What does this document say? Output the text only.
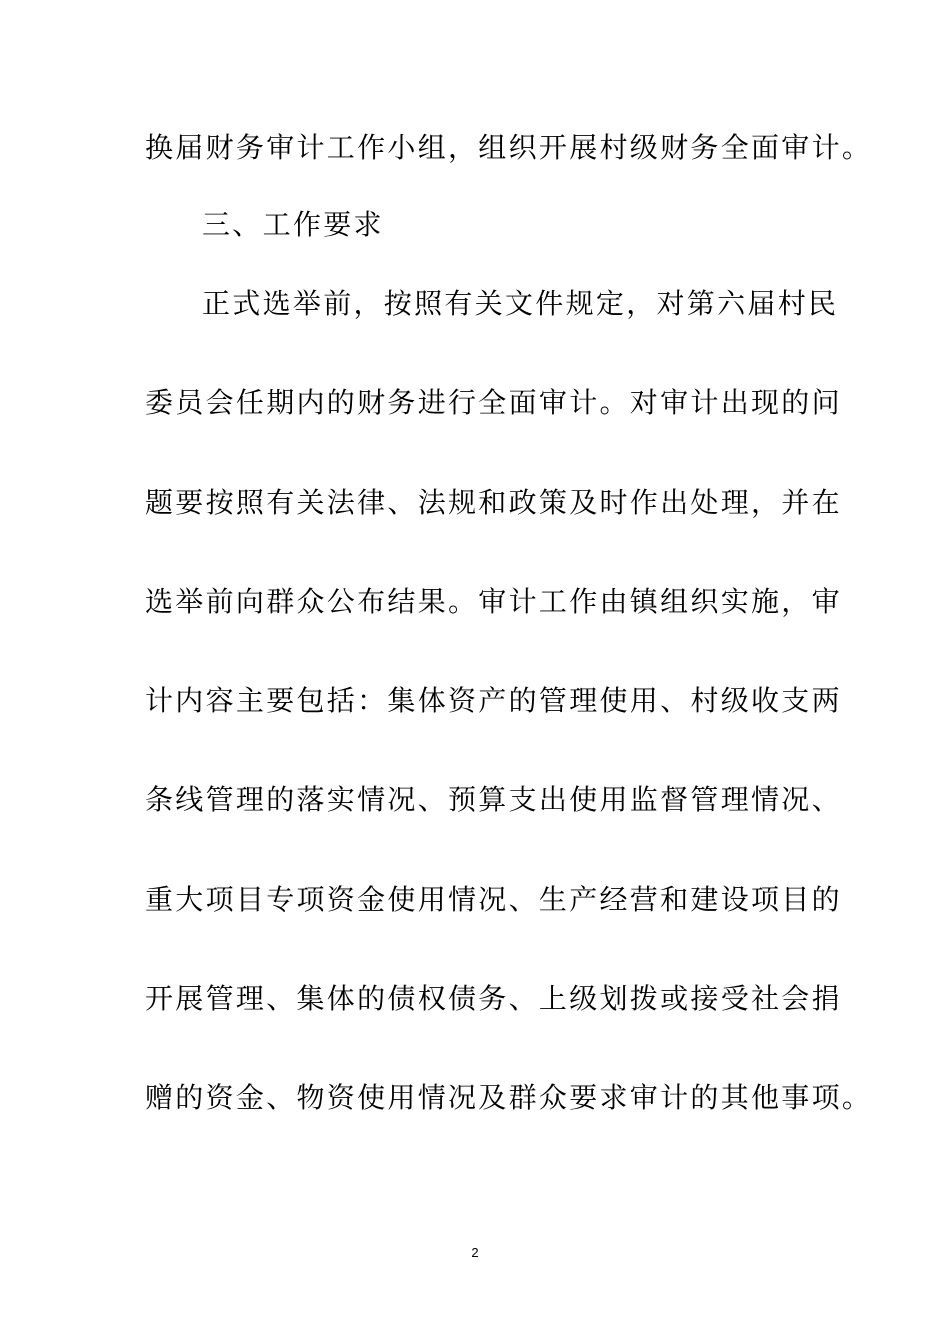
换届财务审计工作小组，组织开展村级财务全面审计。
三、工作要求
正式选举前，按照有关文件规定，对第六届村民
委员会任期内的财务进行全面审计。对审计出现的问
题要按照有关法律、法规和政策及时作出处理，并在
选举前向群众公布结果。审计工作由镇组织实施，审
计内容主要包括：集体资产的管理使用、村级收支两
条线管理的落实情况、预算支出使用监督管理情况、
重大项目专项资金使用情况、生产经营和建设项目的
开展管理、集体的债权债务、上级划拨或接受社会捐
赠的资金、物资使用情况及群众要求审计的其他事项。
2
